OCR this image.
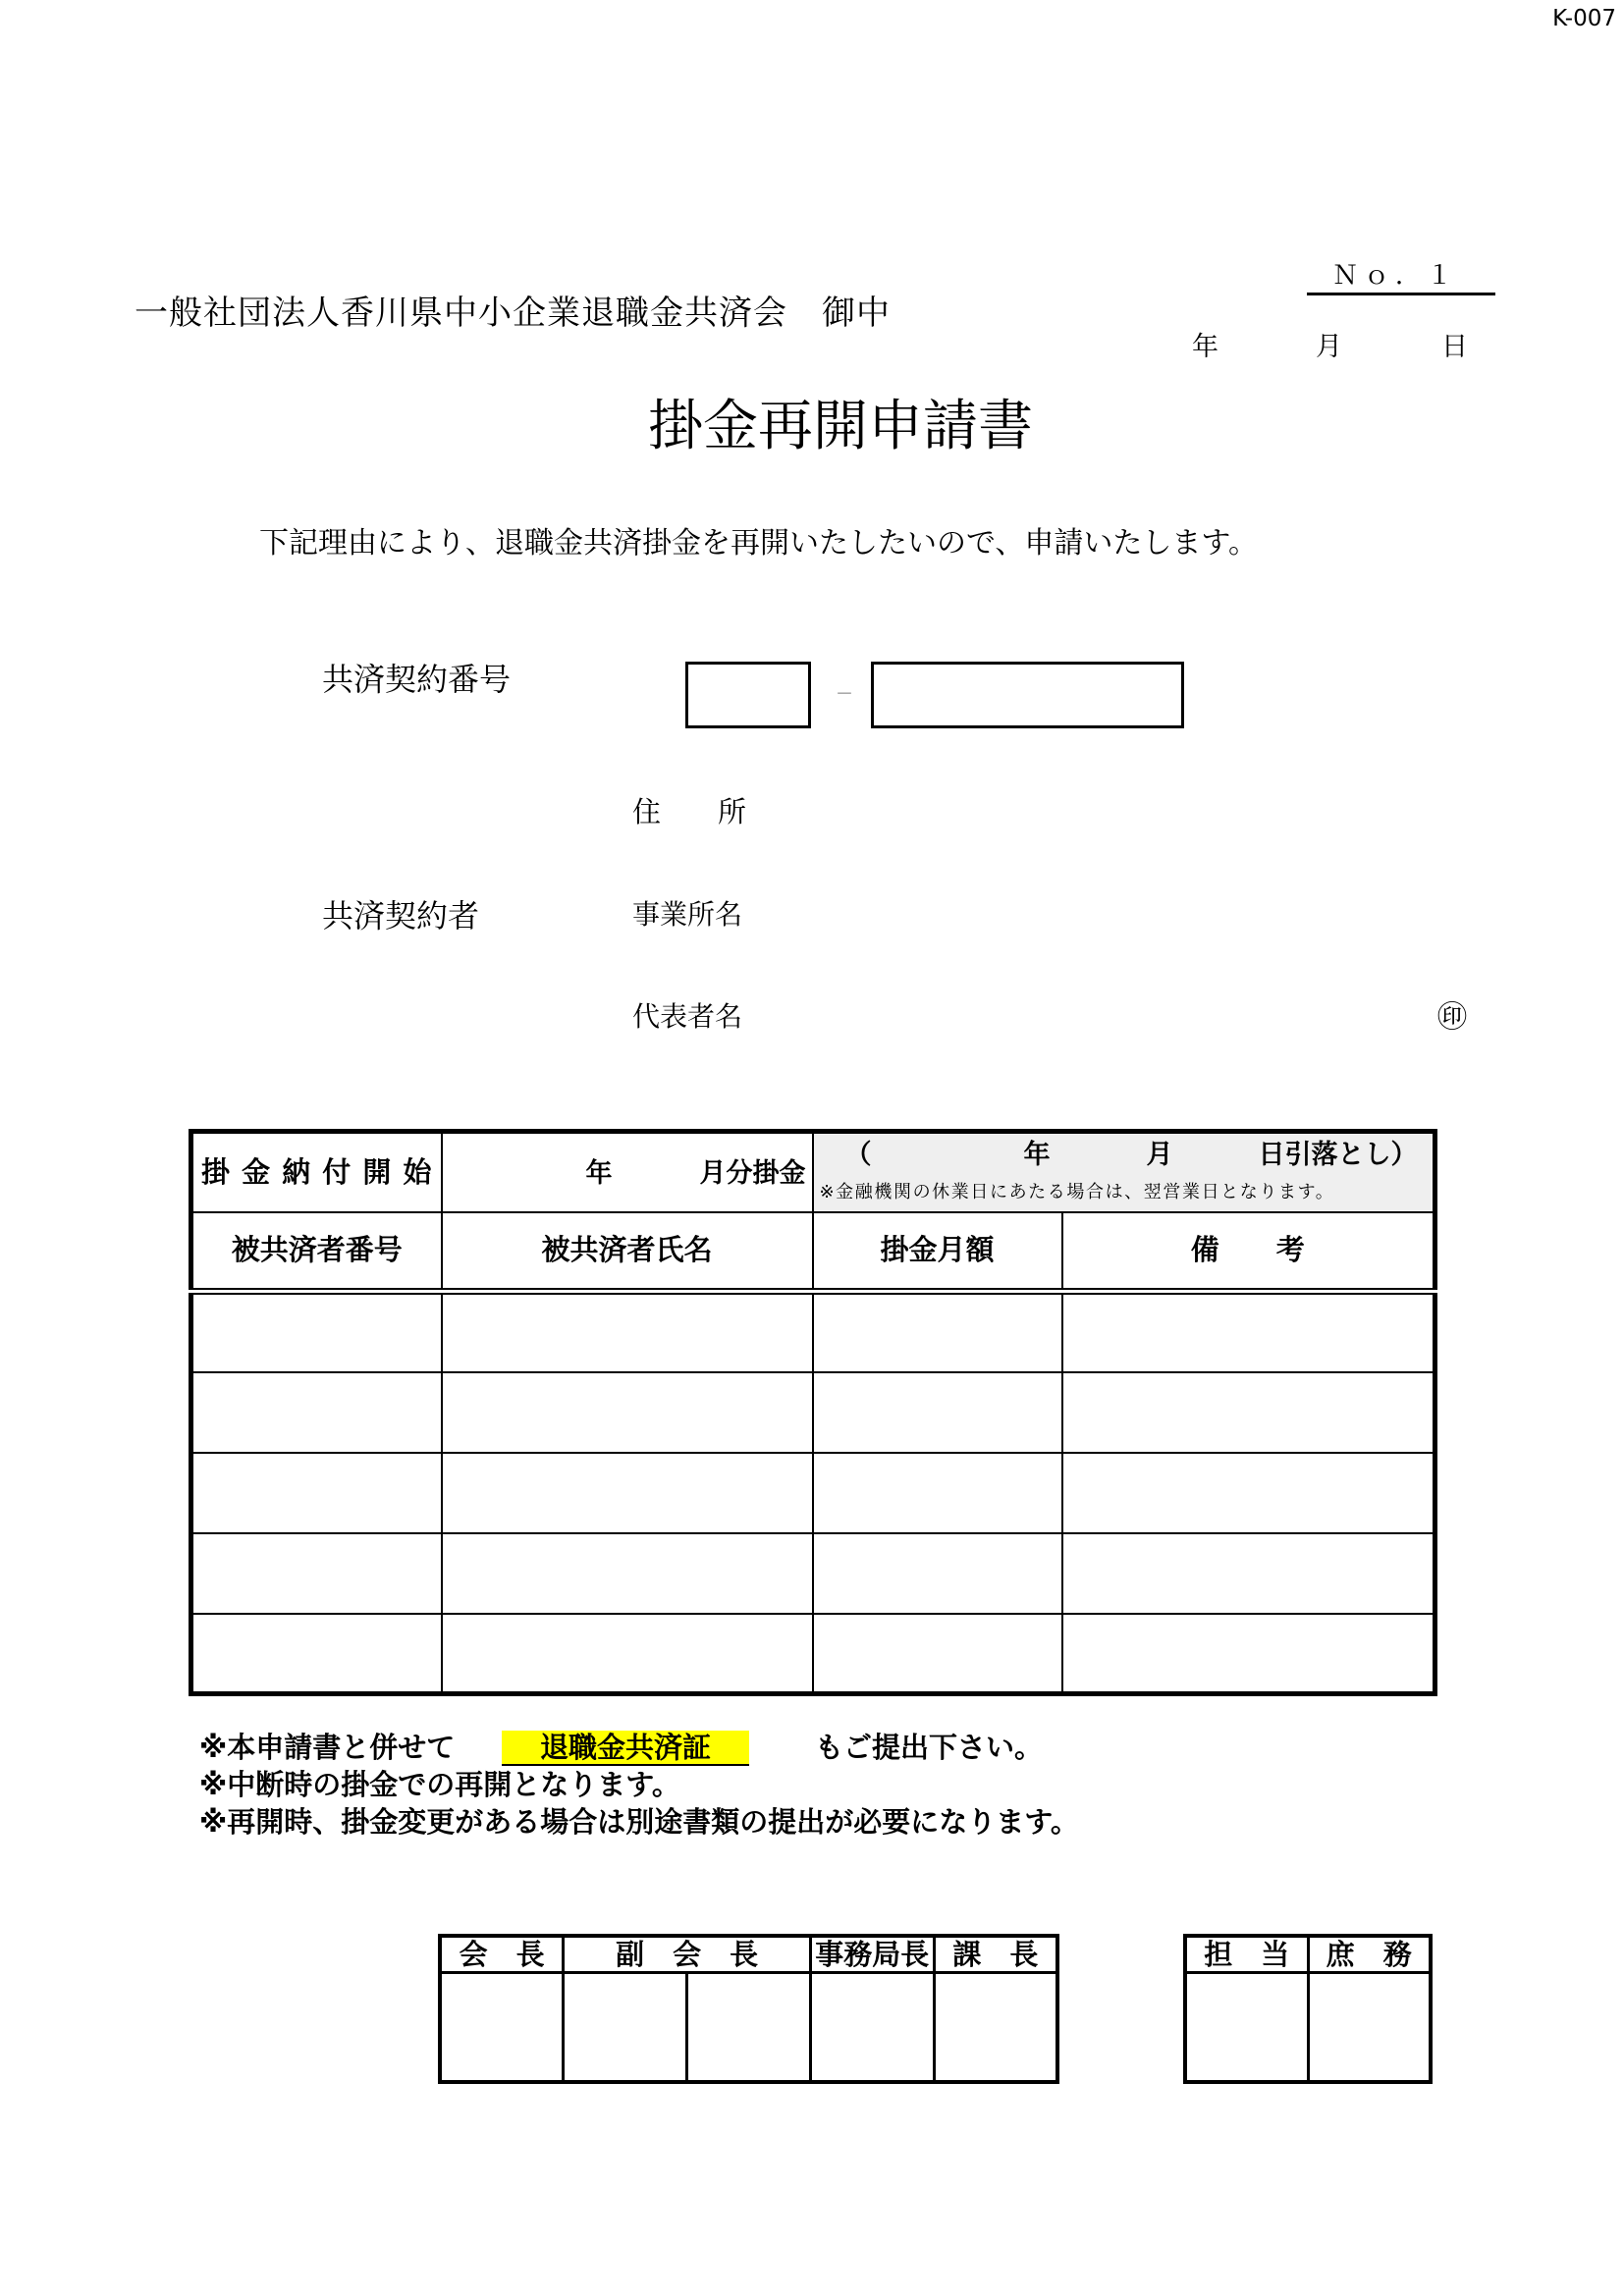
K-007
Ｎｏ．１
一般社団法人香川県中小企業退職金共済会　御中
年	月	日
掛金再開申請書
下記理由により、退職金共済掛金を再開いたしたいので、申請いたします。
共済契約番号	－
住　　所
共済契約者	事業所名
代表者名	㊞
掛 金 納 付 開 始	年 月分掛金	（ 年 月 日引落とし）
※金融機関の休業日にあたる場合は、翌営業日となります。	

被共済者番号	被共済者氏名	掛金月額	備　　考

※本申請書と併せて	退職金共済証	もご提出下さい。
※中断時の掛金での再開となります。
※再開時、掛金変更がある場合は別途書類の提出が必要になります。
会　長	副　会　長		事務局長	課　長
					担　当	庶　務
